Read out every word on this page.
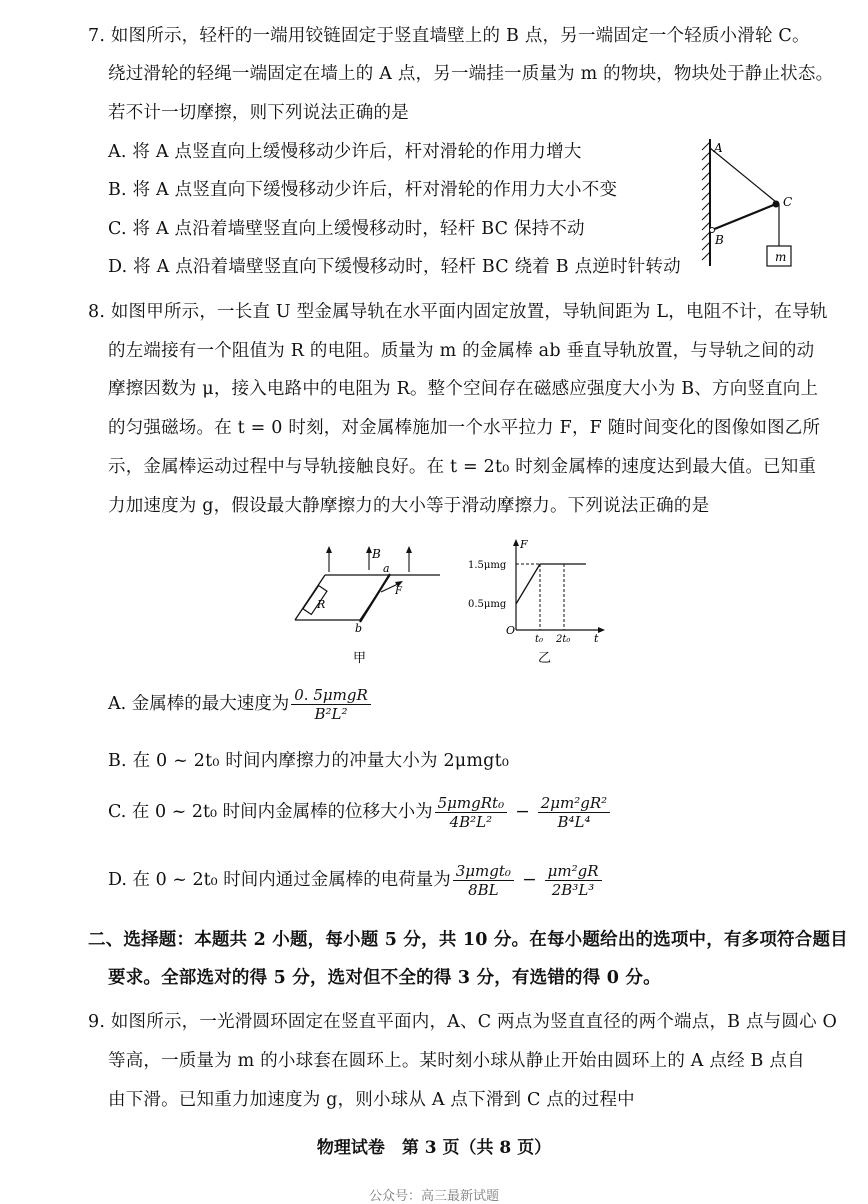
7. 如图所示，轻杆的一端用铰链固定于竖直墙壁上的 B 点，另一端固定一个轻质小滑轮 C。
绕过滑轮的轻绳一端固定在墙上的 A 点，另一端挂一质量为 m 的物块，物块处于静止状态。
若不计一切摩擦，则下列说法正确的是
A. 将 A 点竖直向上缓慢移动少许后，杆对滑轮的作用力增大
B. 将 A 点竖直向下缓慢移动少许后，杆对滑轮的作用力大小不变
C. 将 A 点沿着墙壁竖直向上缓慢移动时，轻杆 BC 保持不动
D. 将 A 点沿着墙壁竖直向下缓慢移动时，轻杆 BC 绕着 B 点逆时针转动
A
B
C
m
8. 如图甲所示，一长直 U 型金属导轨在水平面内固定放置，导轨间距为 L，电阻不计，在导轨
的左端接有一个阻值为 R 的电阻。质量为 m 的金属棒 ab 垂直导轨放置，与导轨之间的动
摩擦因数为 μ，接入电路中的电阻为 R。整个空间存在磁感应强度大小为 B、方向竖直向上
的匀强磁场。在 t = 0 时刻，对金属棒施加一个水平拉力 F，F 随时间变化的图像如图乙所
示，金属棒运动过程中与导轨接触良好。在 t = 2t₀ 时刻金属棒的速度达到最大值。已知重
力加速度为 g，假设最大静摩擦力的大小等于滑动摩擦力。下列说法正确的是
B
a
b
R
F
甲
F
1.5μmg
0.5μmg
O
t₀ 2t₀ t
乙
A. 金属棒的最大速度为 $\frac{\text{0. 5μmgR}}{\text{B²L²}}$
B. 在 0 ~ 2t₀ 时间内摩擦力的冲量大小为 2μmgt₀
C. 在 0 ~ 2t₀ 时间内金属棒的位移大小为 $\frac{\text{5μmgRt₀}}{\text{4B²L²}} - \frac{\text{2μm²gR²}}{\text{B⁴L⁴}}$
D. 在 0 ~ 2t₀ 时间内通过金属棒的电荷量为 $\frac{\text{3μmgt₀}}{8BL} - \frac{\text{μm²gR}}{\text{2B³L³}}$
二、选择题：本题共 2 小题，每小题 5 分，共 10 分。在每小题给出的选项中，有多项符合题目
要求。全部选对的得 5 分，选对但不全的得 3 分，有选错的得 0 分。
9. 如图所示，一光滑圆环固定在竖直平面内，A、C 两点为竖直直径的两个端点，B 点与圆心 O
等高，一质量为 m 的小球套在圆环上。某时刻小球从静止开始由圆环上的 A 点经 B 点自
由下滑。已知重力加速度为 g，则小球从 A 点下滑到 C 点的过程中
物理试卷　第 3 页（共 8 页）
公众号：高三最新试题
